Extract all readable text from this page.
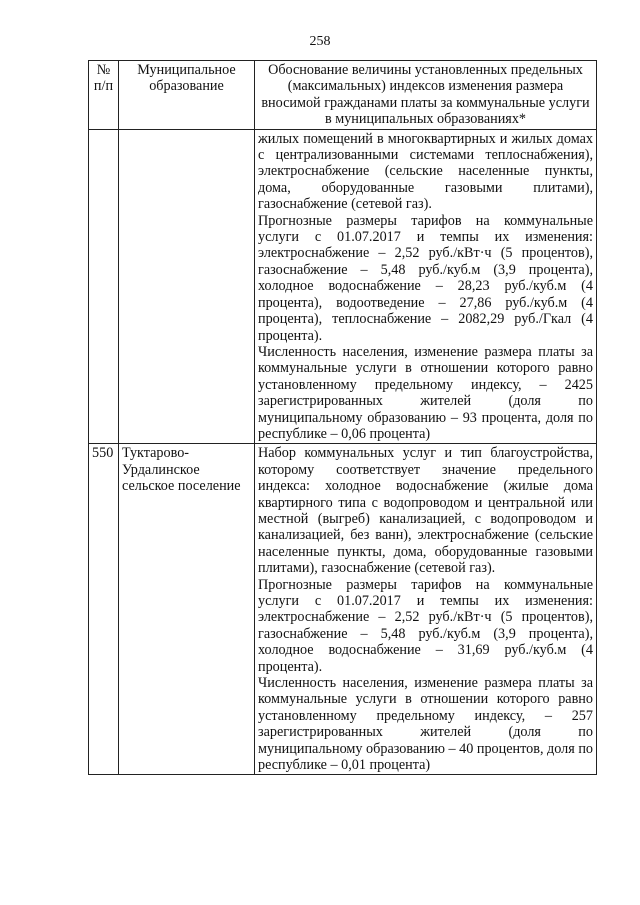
258
№ п/п	Муниципальное образование	Обоснование величины установленных предельных (максимальных) индексов изменения размера вносимой гражданами платы за коммунальные услуги в муниципальных образованиях*

		жилых помещений в многоквартирных и жилых домах с централизованными системами теплоснабжения), электроснабжение (сельские населенные пункты, дома, оборудованные газовыми плитами), газоснабжение (сетевой газ).

Прогнозные размеры тарифов на коммунальные услуги с 01.07.2017 и темпы их изменения: электроснабжение – 2,52 руб./кВт·ч (5 процентов), газоснабжение – 5,48 руб./куб.м (3,9 процента), холодное водоснабжение – 28,23 руб./куб.м (4 процента), водоотведение – 27,86 руб./куб.м (4 процента), теплоснабжение – 2082,29 руб./Гкал (4 процента).

Численность населения, изменение размера платы за коммунальные услуги в отношении которого равно установленному предельному индексу, – 2425 зарегистрированных жителей (доля по муниципальному образованию – 93 процента, доля по республике – 0,06 процента)

550	Туктарово-Урдалинское сельское поселение	Набор коммунальных услуг и тип благоустройства, которому соответствует значение предельного индекса: холодное водоснабжение (жилые дома квартирного типа с водопроводом и центральной или местной (выгреб) канализацией, с водопроводом и канализацией, без ванн), электроснабжение (сельские населенные пункты, дома, оборудованные газовыми плитами), газоснабжение (сетевой газ).

Прогнозные размеры тарифов на коммунальные услуги с 01.07.2017 и темпы их изменения: электроснабжение – 2,52 руб./кВт·ч (5 процентов), газоснабжение – 5,48 руб./куб.м (3,9 процента), холодное водоснабжение – 31,69 руб./куб.м (4 процента).

Численность населения, изменение размера платы за коммунальные услуги в отношении которого равно установленному предельному индексу, – 257 зарегистрированных жителей (доля по муниципальному образованию – 40 процентов, доля по республике – 0,01 процента)
